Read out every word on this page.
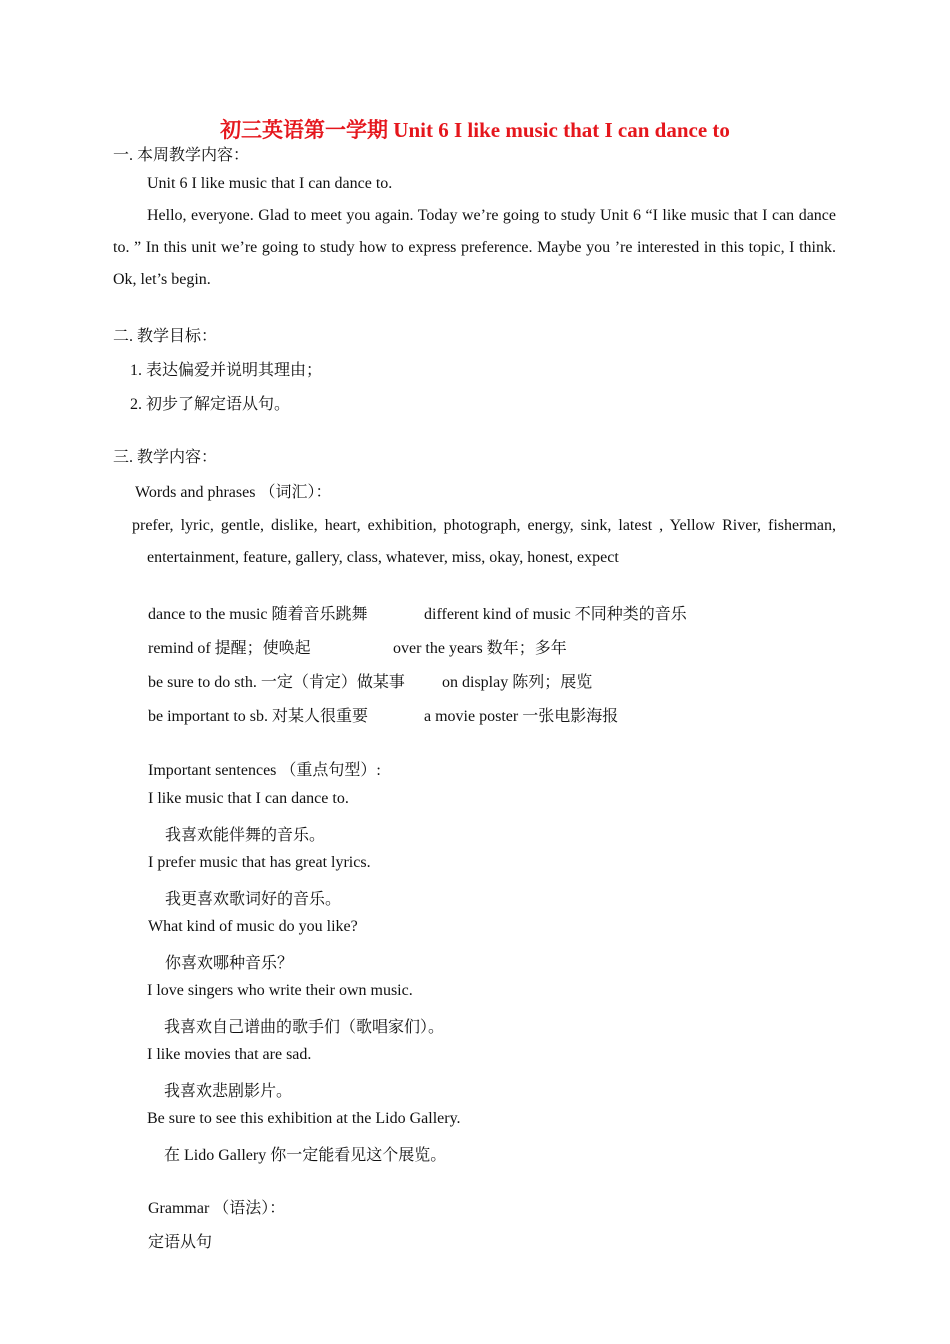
初三英语第一学期 Unit 6 I like music that I can dance to
一. 本周教学内容：
Unit 6 I like music that I can dance to.
Hello, everyone. Glad to meet you again. Today we’re going to study Unit 6 “I like music that I can dance to. ” In this unit we’re going to study how to express preference. Maybe you ’re interested in this topic, I think. Ok, let’s begin.
二. 教学目标：
1. 表达偏爱并说明其理由；
2. 初步了解定语从句。
三. 教学内容：
Words and phrases （词汇）：
prefer, lyric, gentle, dislike, heart, exhibition, photograph, energy, sink, latest , Yellow River, fisherman,
entertainment, feature, gallery, class, whatever, miss, okay, honest, expect
dance to the music 随着音乐跳舞	different kind of music 不同种类的音乐
remind of 提醒；使唤起	over the years 数年；多年
be sure to do sth. 一定（肯定）做某事 on display 陈列；展览
be important to sb. 对某人很重要	a movie poster 一张电影海报
Important sentences （重点句型）:
I like music that I can dance to.
我喜欢能伴舞的音乐。
I prefer music that has great lyrics.
我更喜欢歌词好的音乐。
What kind of music do you like?
你喜欢哪种音乐？
I love singers who write their own music.
我喜欢自己谱曲的歌手们（歌唱家们）。
I like movies that are sad.
我喜欢悲剧影片。
Be sure to see this exhibition at the Lido Gallery.
在 Lido Gallery 你一定能看见这个展览。
Grammar （语法）：
定语从句
